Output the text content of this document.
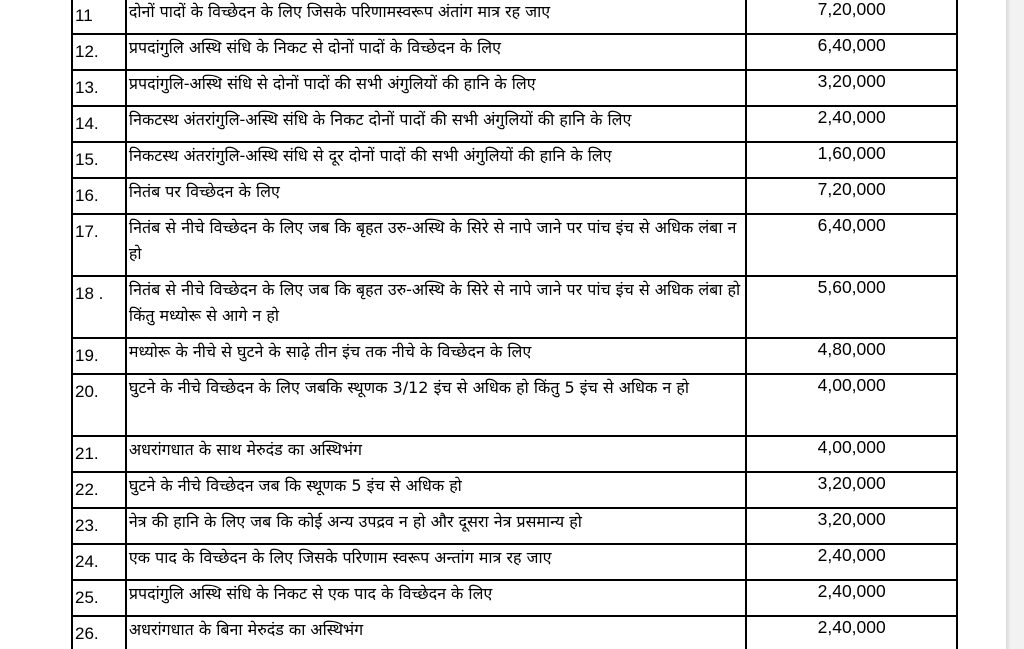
11	दोनों पादों के विच्छेदन के लिए जिसके परिणामस्वरूप अंतांग मात्र रह जाए	7,20,000
12.	प्रपदांगुलि अस्थि संधि के निकट से दोनों पादों के विच्छेदन के लिए	6,40,000
13.	प्रपदांगुलि-अस्थि संधि से दोनों पादों की सभी अंगुलियों की हानि के लिए	3,20,000
14.	निकटस्थ अंतरांगुलि-अस्थि संधि के निकट दोनों पादों की सभी अंगुलियों की हानि के लिए	2,40,000
15.	निकटस्थ अंतरांगुलि-अस्थि संधि से दूर दोनों पादों की सभी अंगुलियों की हानि के लिए	1,60,000
16.	नितंब पर विच्छेदन के लिए	7,20,000
17.	नितंब से नीचे विच्छेदन के लिए जब कि बृहत उरु-अस्थि के सिरे से नापे जाने पर पांच इंच से अधिक लंबा न हो	6,40,000
18 .	नितंब से नीचे विच्छेदन के लिए जब कि बृहत उरु-अस्थि के सिरे से नापे जाने पर पांच इंच से अधिक लंबा हो किंतु मध्योरू से आगे न हो	5,60,000
19.	मध्योरू के नीचे से घुटने के साढ़े तीन इंच तक नीचे के विच्छेदन के लिए	4,80,000
20.	घुटने के नीचे विच्छेदन के लिए जबकि स्थूणक 3/12 इंच से अधिक हो किंतु 5 इंच से अधिक न हो	4,00,000
21.	अधरांगधात के साथ मेरुदंड का अस्थिभंग	4,00,000
22.	घुटने के नीचे विच्छेदन जब कि स्थूणक 5 इंच से अधिक हो	3,20,000
23.	नेत्र की हानि के लिए जब कि कोई अन्य उपद्रव न हो और दूसरा नेत्र प्रसमान्य हो	3,20,000
24.	एक पाद के विच्छेदन के लिए जिसके परिणाम स्वरूप अन्तांग मात्र रह जाए	2,40,000
25.	प्रपदांगुलि अस्थि संधि के निकट से एक पाद के विच्छेदन के लिए	2,40,000
26.	अधरांगधात के बिना मेरुदंड का अस्थिभंग	2,40,000
